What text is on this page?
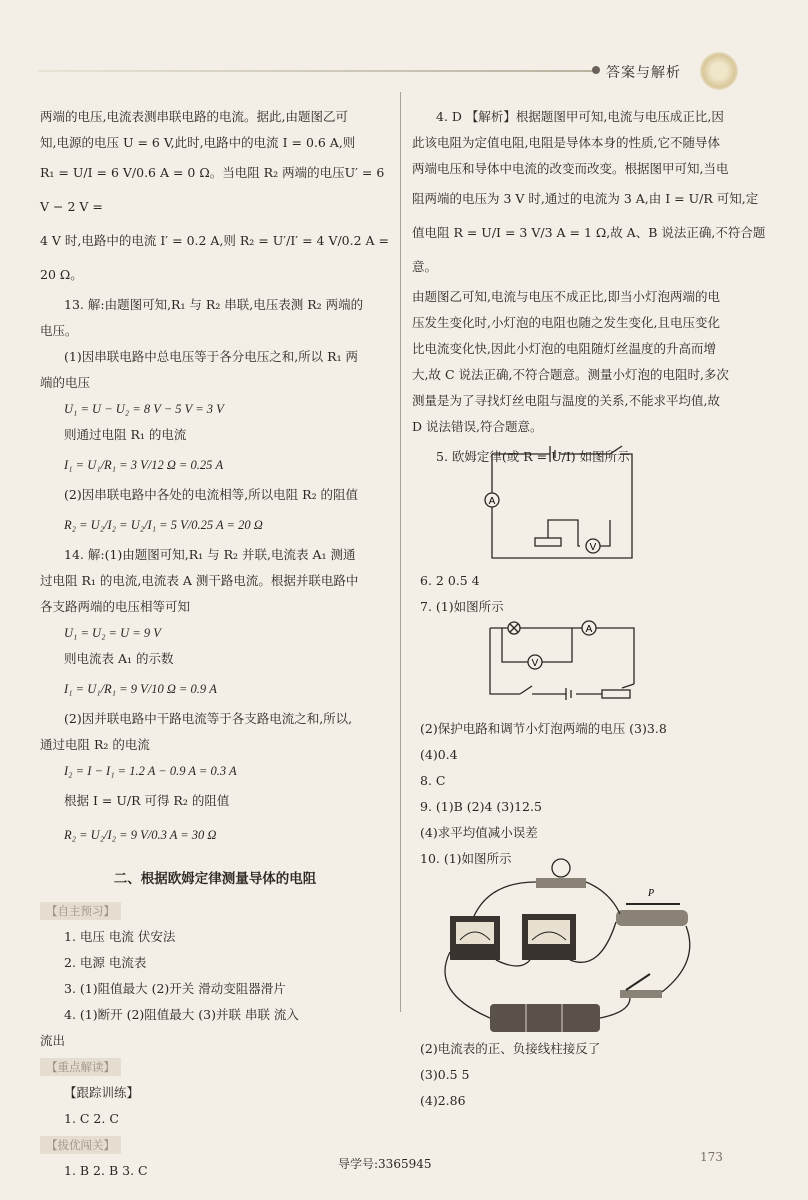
答案与解析

两端的电压,电流表测串联电路的电流。据此,由题图乙可

知,电源的电压 U = 6 V,此时,电路中的电流 I = 0.6 A,则

R₁ = U/I = 6 V/0.6 A = 0 Ω。当电阻 R₂ 两端的电压U′ = 6 V − 2 V =

4 V 时,电路中的电流 I′ = 0.2 A,则 R₂ = U′/I′ = 4 V/0.2 A = 20 Ω。

13. 解:由题图可知,R₁ 与 R₂ 串联,电压表测 R₂ 两端的

电压。

(1)因串联电路中总电压等于各分电压之和,所以 R₁ 两

端的电压

U₁ = U − U₂ = 8 V − 5 V = 3 V

则通过电阻 R₁ 的电流

I₁ = U₁/R₁ = 3 V/12 Ω = 0.25 A

(2)因串联电路中各处的电流相等,所以电阻 R₂ 的阻值

R₂ = U₂/I₂ = U₂/I₁ = 5 V/0.25 A = 20 Ω

14. 解:(1)由题图可知,R₁ 与 R₂ 并联,电流表 A₁ 测通

过电阻 R₁ 的电流,电流表 A 测干路电流。根据并联电路中

各支路两端的电压相等可知

U₁ = U₂ = U = 9 V

则电流表 A₁ 的示数

I₁ = U₁/R₁ = 9 V/10 Ω = 0.9 A

(2)因并联电路中干路电流等于各支路电流之和,所以,

通过电阻 R₂ 的电流

I₂ = I − I₁ = 1.2 A − 0.9 A = 0.3 A

根据 I = U/R 可得 R₂ 的阻值

R₂ = U₂/I₂ = 9 V/0.3 A = 30 Ω

二、根据欧姆定律测量导体的电阻
【自主预习】

1. 电压 电流 伏安法

2. 电源 电流表

3. (1)阻值最大 (2)开关 滑动变阻器滑片

4. (1)断开 (2)阻值最大 (3)并联 串联 流入

流出

【重点解读】

【跟踪训练】

1. C 2. C

【拔优闯关】

1. B 2. B 3. C

4. D 【解析】根据题图甲可知,电流与电压成正比,因

此该电阻为定值电阻,电阻是导体本身的性质,它不随导体

两端电压和导体中电流的改变而改变。根据图甲可知,当电

阻两端的电压为 3 V 时,通过的电流为 3 A,由 I = U/R 可知,定

值电阻 R = U/I = 3 V/3 A = 1 Ω,故 A、B 说法正确,不符合题意。

由题图乙可知,电流与电压不成正比,即当小灯泡两端的电

压发生变化时,小灯泡的电阻也随之发生变化,且电压变化

比电流变化快,因此小灯泡的电阻随灯丝温度的升高而增

大,故 C 说法正确,不符合题意。测量小灯泡的电阻时,多次

测量是为了寻找灯丝电阻与温度的关系,不能求平均值,故

D 说法错误,符合题意。

5. 欧姆定律(或 R = U/I) 如图所示

A
V

6. 2 0.5 4

7. (1)如图所示

A
V

(2)保护电路和调节小灯泡两端的电压 (3)3.8

(4)0.4

8. C

9. (1)B (2)4 (3)12.5

(4)求平均值减小误差

10. (1)如图所示

P

(2)电流表的正、负接线柱接反了

(3)0.5 5

(4)2.86

导学号:3365945	173
